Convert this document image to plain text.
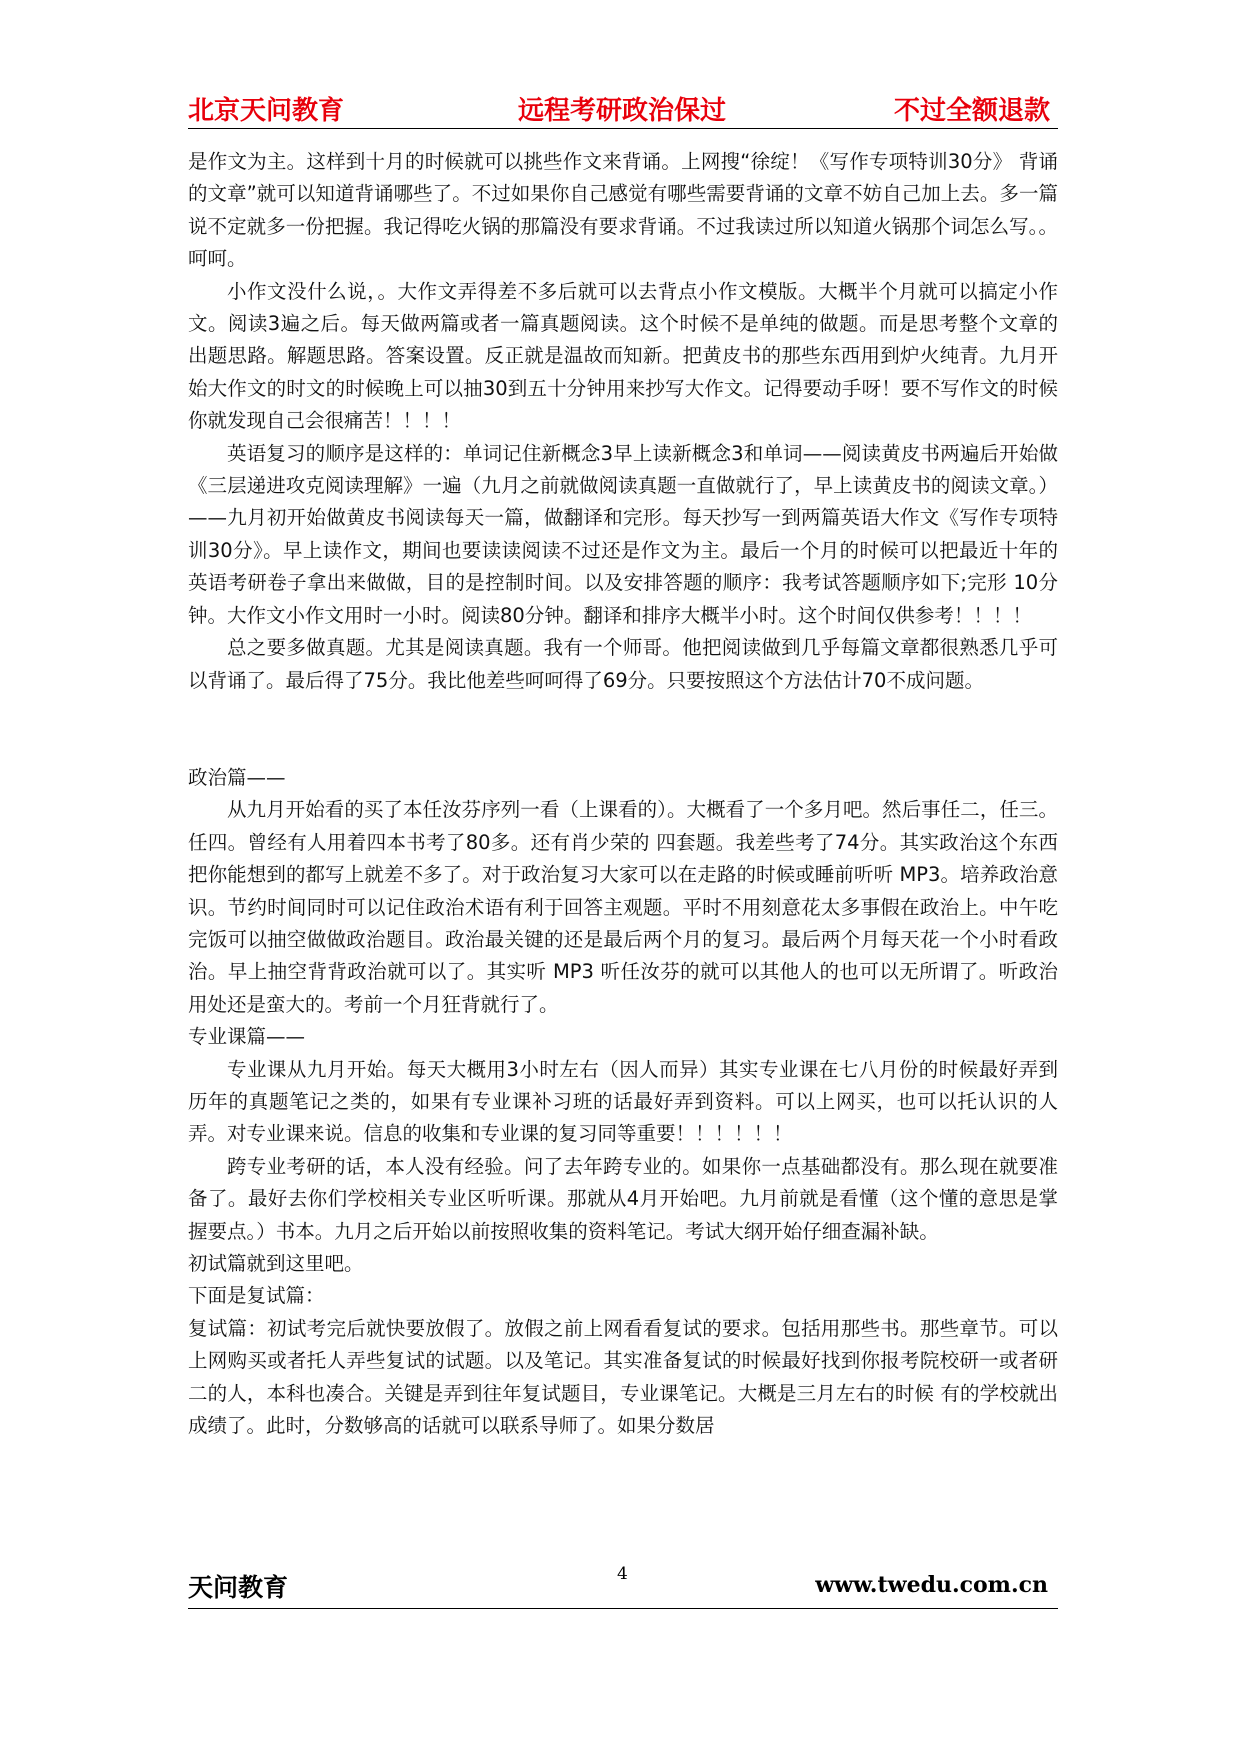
北京天问教育	远程考研政治保过	不过全额退款

是作文为主。这样到十月的时候就可以挑些作文来背诵。上网搜“徐绽！《写作专项特训30分》 背诵的文章”就可以知道背诵哪些了。不过如果你自己感觉有哪些需要背诵的文章不妨自己加上去。多一篇说不定就多一份把握。我记得吃火锅的那篇没有要求背诵。不过我读过所以知道火锅那个词怎么写。。呵呵。

小作文没什么说，。大作文弄得差不多后就可以去背点小作文模版。大概半个月就可以搞定小作文。阅读3遍之后。每天做两篇或者一篇真题阅读。这个时候不是单纯的做题。而是思考整个文章的出题思路。解题思路。答案设置。反正就是温故而知新。把黄皮书的那些东西用到炉火纯青。九月开始大作文的时文的时候晚上可以抽30到五十分钟用来抄写大作文。记得要动手呀！要不写作文的时候你就发现自己会很痛苦！！！！

英语复习的顺序是这样的：单词记住新概念3早上读新概念3和单词——阅读黄皮书两遍后开始做《三层递进攻克阅读理解》一遍（九月之前就做阅读真题一直做就行了，早上读黄皮书的阅读文章。）——九月初开始做黄皮书阅读每天一篇，做翻译和完形。每天抄写一到两篇英语大作文《写作专项特训30分》。早上读作文，期间也要读读阅读不过还是作文为主。最后一个月的时候可以把最近十年的英语考研卷子拿出来做做，目的是控制时间。以及安排答题的顺序：我考试答题顺序如下;完形 10分钟。大作文小作文用时一小时。阅读80分钟。翻译和排序大概半小时。这个时间仅供参考！！！！

总之要多做真题。尤其是阅读真题。我有一个师哥。他把阅读做到几乎每篇文章都很熟悉几乎可以背诵了。最后得了75分。我比他差些呵呵得了69分。只要按照这个方法估计70不成问题。

政治篇——

从九月开始看的买了本任汝芬序列一看（上课看的）。大概看了一个多月吧。然后事任二，任三。任四。曾经有人用着四本书考了80多。还有肖少荣的 四套题。我差些考了74分。其实政治这个东西把你能想到的都写上就差不多了。对于政治复习大家可以在走路的时候或睡前听听 MP3。培养政治意识。节约时间同时可以记住政治术语有利于回答主观题。平时不用刻意花太多事假在政治上。中午吃完饭可以抽空做做政治题目。政治最关键的还是最后两个月的复习。最后两个月每天花一个小时看政治。早上抽空背背政治就可以了。其实听 MP3 听任汝芬的就可以其他人的也可以无所谓了。听政治用处还是蛮大的。考前一个月狂背就行了。

专业课篇——

专业课从九月开始。每天大概用3小时左右（因人而异）其实专业课在七八月份的时候最好弄到历年的真题笔记之类的，如果有专业课补习班的话最好弄到资料。可以上网买，也可以托认识的人弄。对专业课来说。信息的收集和专业课的复习同等重要！！！！！！

跨专业考研的话，本人没有经验。问了去年跨专业的。如果你一点基础都没有。那么现在就要准备了。最好去你们学校相关专业区听听课。那就从4月开始吧。九月前就是看懂（这个懂的意思是掌握要点。）书本。九月之后开始以前按照收集的资料笔记。考试大纲开始仔细查漏补缺。

初试篇就到这里吧。

下面是复试篇：

复试篇：初试考完后就快要放假了。放假之前上网看看复试的要求。包括用那些书。那些章节。可以上网购买或者托人弄些复试的试题。以及笔记。其实准备复试的时候最好找到你报考院校研一或者研二的人，本科也凑合。关键是弄到往年复试题目，专业课笔记。大概是三月左右的时候 有的学校就出成绩了。此时，分数够高的话就可以联系导师了。如果分数居

天问教育	4	www.twedu.com.cn
